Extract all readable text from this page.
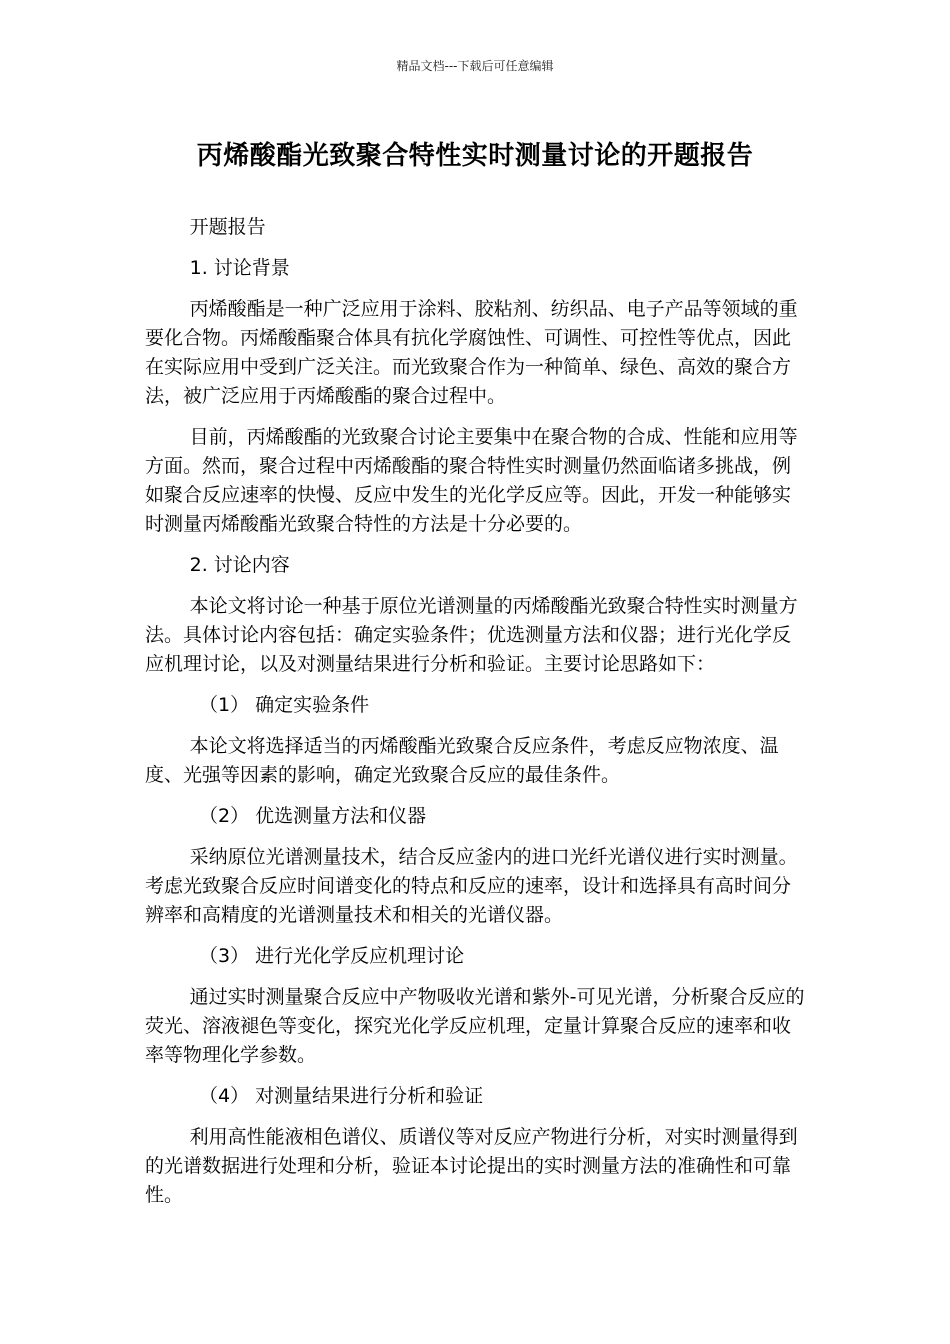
精品文档---下载后可任意编辑
丙烯酸酯光致聚合特性实时测量讨论的开题报告

开题报告

1. 讨论背景

丙烯酸酯是一种广泛应用于涂料、胶粘剂、纺织品、电子产品等领域的重要化合物。丙烯酸酯聚合体具有抗化学腐蚀性、可调性、可控性等优点，因此在实际应用中受到广泛关注。而光致聚合作为一种简单、绿色、高效的聚合方法，被广泛应用于丙烯酸酯的聚合过程中。

目前，丙烯酸酯的光致聚合讨论主要集中在聚合物的合成、性能和应用等方面。然而，聚合过程中丙烯酸酯的聚合特性实时测量仍然面临诸多挑战，例如聚合反应速率的快慢、反应中发生的光化学反应等。因此，开发一种能够实时测量丙烯酸酯光致聚合特性的方法是十分必要的。

2. 讨论内容

本论文将讨论一种基于原位光谱测量的丙烯酸酯光致聚合特性实时测量方法。具体讨论内容包括：确定实验条件；优选测量方法和仪器；进行光化学反应机理讨论，以及对测量结果进行分析和验证。主要讨论思路如下：

（1） 确定实验条件

本论文将选择适当的丙烯酸酯光致聚合反应条件，考虑反应物浓度、温度、光强等因素的影响，确定光致聚合反应的最佳条件。

（2） 优选测量方法和仪器

采纳原位光谱测量技术，结合反应釜内的进口光纤光谱仪进行实时测量。考虑光致聚合反应时间谱变化的特点和反应的速率，设计和选择具有高时间分辨率和高精度的光谱测量技术和相关的光谱仪器。

（3） 进行光化学反应机理讨论

通过实时测量聚合反应中产物吸收光谱和紫外-可见光谱，分析聚合反应的荧光、溶液褪色等变化，探究光化学反应机理，定量计算聚合反应的速率和收率等物理化学参数。

（4） 对测量结果进行分析和验证

利用高性能液相色谱仪、质谱仪等对反应产物进行分析，对实时测量得到的光谱数据进行处理和分析，验证本讨论提出的实时测量方法的准确性和可靠性。
